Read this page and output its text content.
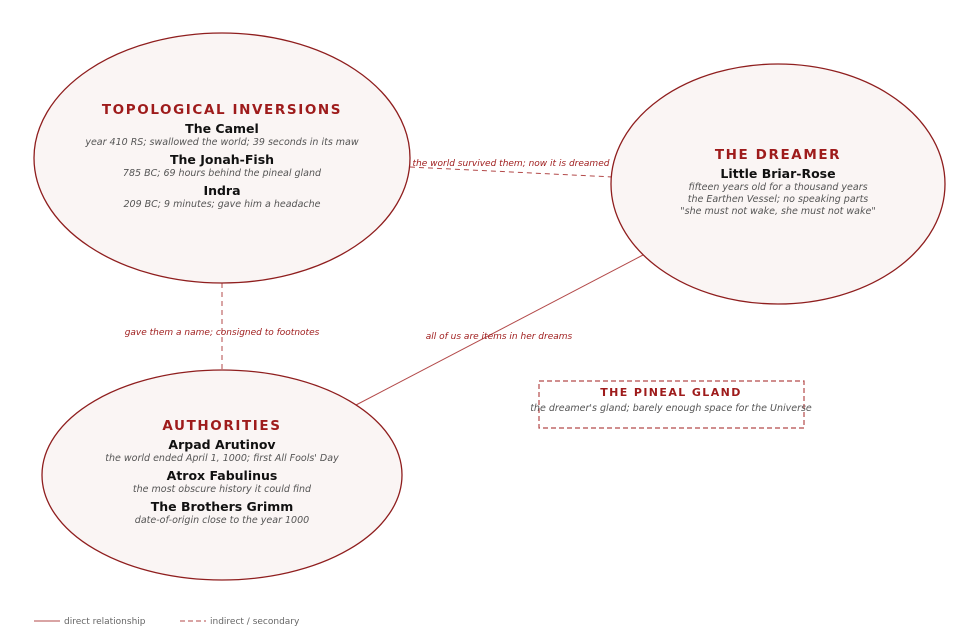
TOPOLOGICAL INVERSIONS
The Camel
year 410 RS; swallowed the world; 39 seconds in its maw
The Jonah-Fish
785 BC; 69 hours behind the pineal gland
Indra
209 BC; 9 minutes; gave him a headache
THE DREAMER
Little Briar-Rose
fifteen years old for a thousand years
the Earthen Vessel; no speaking parts
"she must not wake, she must not wake"
AUTHORITIES
Arpad Arutinov
the world ended April 1, 1000; first All Fools' Day
Atrox Fabulinus
the most obscure history it could find
The Brothers Grimm
date-of-origin close to the year 1000
the world survived them; now it is dreamed
gave them a name; consigned to footnotes	all of us are items in her dreams
THE PINEAL GLAND
the dreamer's gland; barely enough space for the Universe
direct relationship	indirect / secondary
